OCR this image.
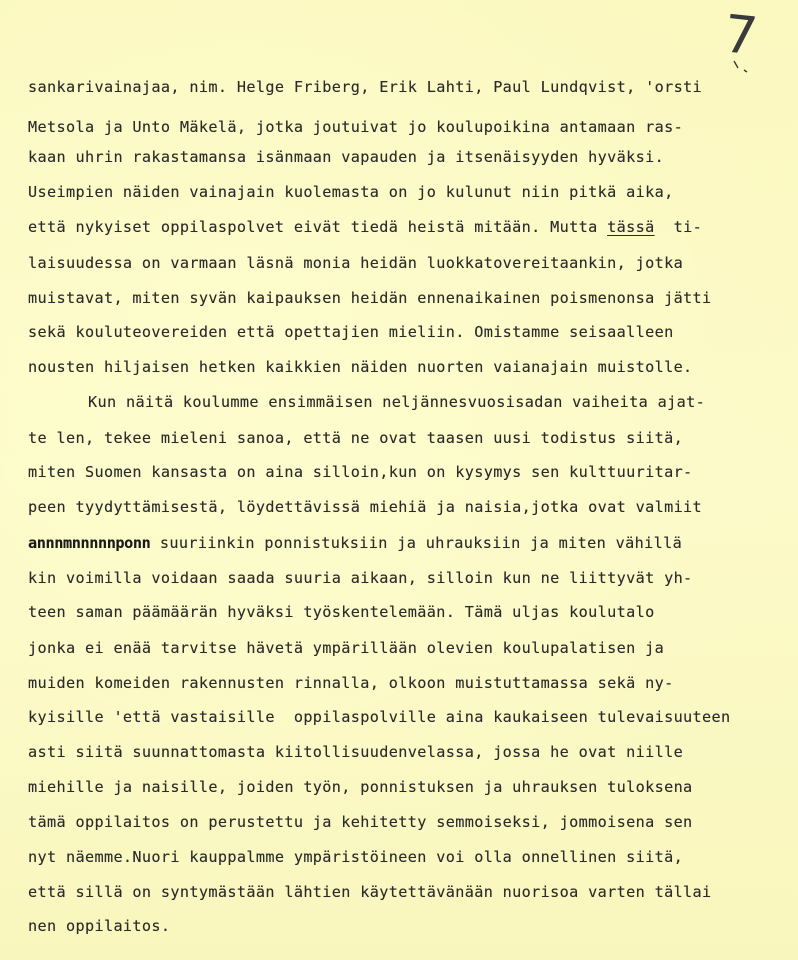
7
sankarivainajaa, nim. Helge Friberg, Erik Lahti, Paul Lundqvist, 'orsti
Metsola ja Unto Mäkelä, jotka joutuivat jo koulupoikina antamaan ras-
kaan uhrin rakastamansa isänmaan vapauden ja itsenäisyyden hyväksi.
Useimpien näiden vainajain kuolemasta on jo kulunut niin pitkä aika,
että nykyiset oppilaspolvet eivät tiedä heistä mitään. Mutta tässä  ti-
laisuudessa on varmaan läsnä monia heidän luokkatovereitaankin, jotka
muistavat, miten syvän kaipauksen heidän ennenaikainen poismenonsa jätti
sekä kouluteovereiden että opettajien mieliin. Omistamme seisaalleen
nousten hiljaisen hetken kaikkien näiden nuorten vaianajain muistolle.
Kun näitä koulumme ensimmäisen neljännesvuosisadan vaiheita ajat-
te len, tekee mieleni sanoa, että ne ovat taasen uusi todistus siitä,
miten Suomen kansasta on aina silloin,kun on kysymys sen kulttuuritar-
peen tyydyttämisestä, löydettävissä miehiä ja naisia,jotka ovat valmiit
annnmnnnnnponn suuriinkin ponnistuksiin ja uhrauksiin ja miten vähillä
kin voimilla voidaan saada suuria aikaan, silloin kun ne liittyvät yh-
teen saman päämäärän hyväksi työskentelemään. Tämä uljas koulutalo
jonka ei enää tarvitse hävetä ympärillään olevien koulupalatisen ja
muiden komeiden rakennusten rinnalla, olkoon muistuttamassa sekä ny-
kyisille 'että vastaisille  oppilaspolville aina kaukaiseen tulevaisuuteen
asti siitä suunnattomasta kiitollisuudenvelassa, jossa he ovat niille
miehille ja naisille, joiden työn, ponnistuksen ja uhrauksen tuloksena
tämä oppilaitos on perustettu ja kehitetty semmoiseksi, jommoisena sen
nyt näemme.Nuori kauppalmme ympäristöineen voi olla onnellinen siitä,
että sillä on syntymästään lähtien käytettävänään nuorisoa varten tällai
nen oppilaitos.
